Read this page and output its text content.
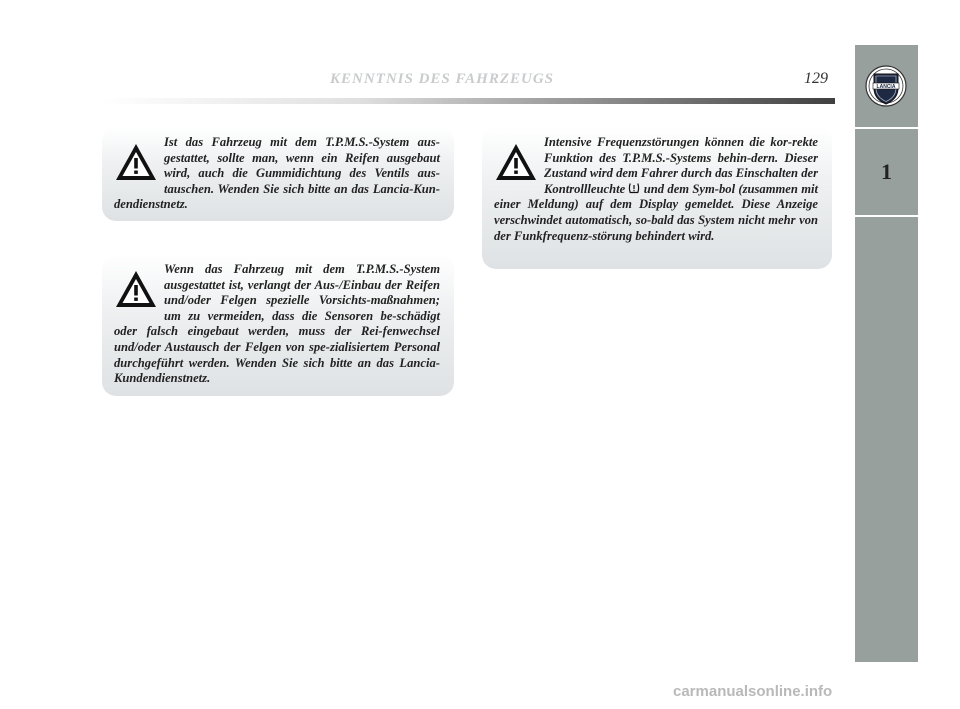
KENNTNIS DES FAHRZEUGS	129	LANCIA
1
Ist das Fahrzeug mit dem T.P.M.S.-System aus-gestattet, sollte man, wenn ein Reifen ausgebaut wird, auch die Gummidichtung des Ventils aus-tauschen. Wenden Sie sich bitte an das Lancia-Kun-dendienstnetz.
Wenn das Fahrzeug mit dem T.P.M.S.-System ausgestattet ist, verlangt der Aus-/Einbau der Reifen und/oder Felgen spezielle Vorsichts-maßnahmen; um zu vermeiden, dass die Sensoren be-schädigt oder falsch eingebaut werden, muss der Rei-fenwechsel und/oder Austausch der Felgen von spe-zialisiertem Personal durchgeführt werden. Wenden Sie sich bitte an das Lancia-Kundendienstnetz.
Intensive Frequenzstörungen können die kor-rekte Funktion des T.P.M.S.-Systems behin-dern. Dieser Zustand wird dem Fahrer durch das Einschalten der Kontrollleuchte  und dem Sym-bol (zusammen mit einer Meldung) auf dem Display gemeldet. Diese Anzeige verschwindet automatisch, so-bald das System nicht mehr von der Funkfrequenz-störung behindert wird.
carmanualsonline.info
